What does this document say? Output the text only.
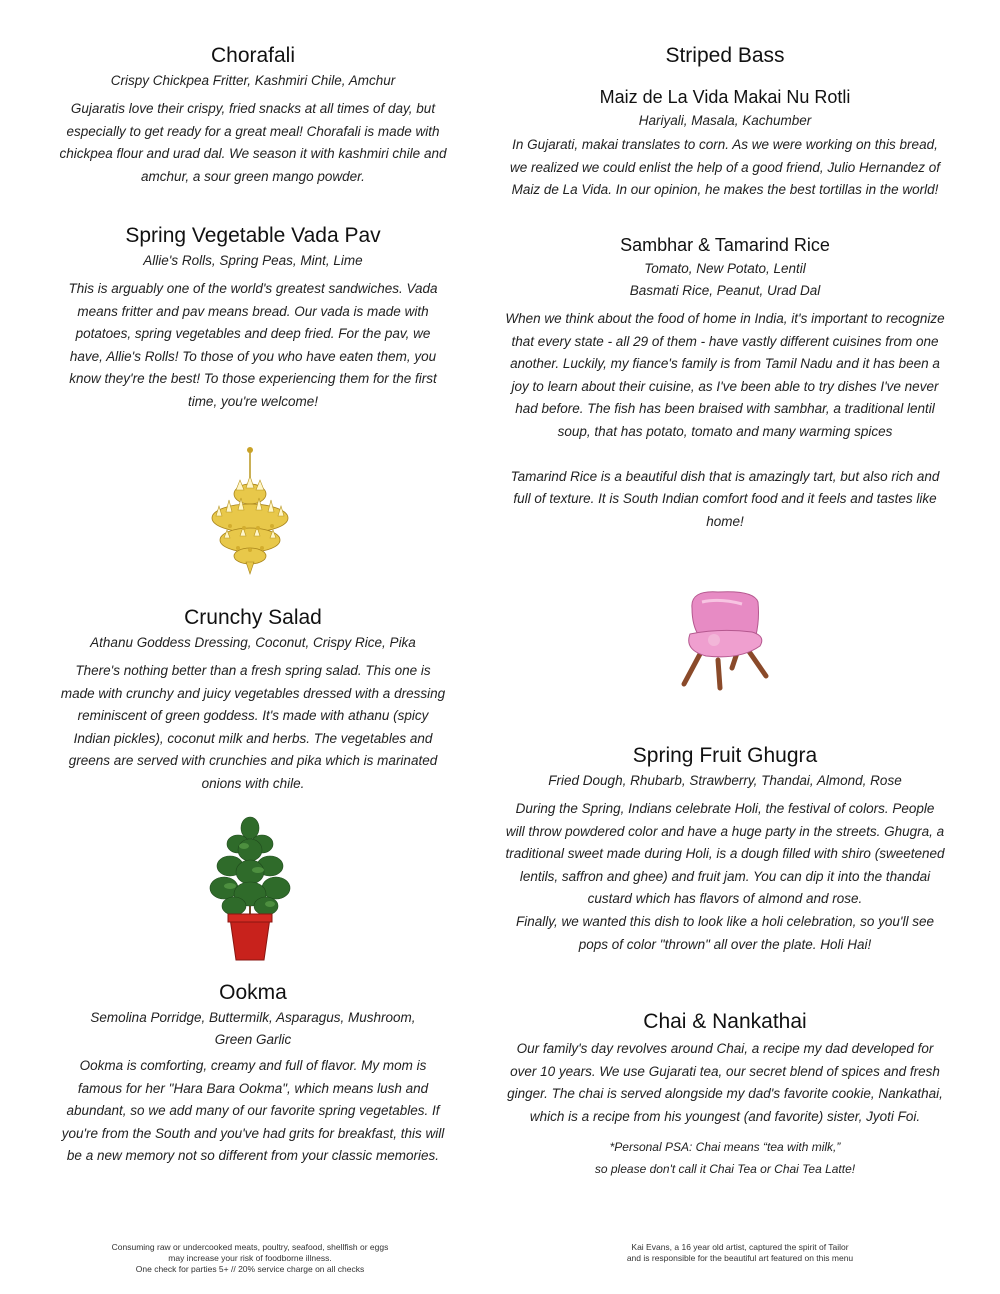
Chorafali

Crispy Chickpea Fritter, Kashmiri Chile, Amchur

Gujaratis love their crispy, fried snacks at all times of day, but especially to get ready for a great meal! Chorafali is made with chickpea flour and urad dal. We season it with kashmiri chile and amchur, a sour green mango powder.

Spring Vegetable Vada Pav

Allie's Rolls, Spring Peas, Mint, Lime

This is arguably one of the world's greatest sandwiches. Vada means fritter and pav means bread. Our vada is made with potatoes, spring vegetables and deep fried. For the pav, we have, Allie's Rolls! To those of you who have eaten them, you know they're the best! To those experiencing them for the first time, you're welcome!

Crunchy Salad

Athanu Goddess Dressing, Coconut, Crispy Rice, Pika

There's nothing better than a fresh spring salad. This one is made with crunchy and juicy vegetables dressed with a dressing reminiscent of green goddess. It's made with athanu (spicy Indian pickles), coconut milk and herbs. The vegetables and greens are served with crunchies and pika which is marinated onions with chile.

Ookma

Semolina Porridge, Buttermilk, Asparagus, Mushroom,

Green Garlic

Ookma is comforting, creamy and full of flavor. My mom is famous for her "Hara Bara Ookma", which means lush and abundant, so we add many of our favorite spring vegetables. If you're from the South and you've had grits for breakfast, this will be a new memory not so different from your classic memories.

Striped Bass
Maiz de La Vida Makai Nu Rotli

Hariyali, Masala, Kachumber

In Gujarati, makai translates to corn. As we were working on this bread, we realized we could enlist the help of a good friend, Julio Hernandez of Maiz de La Vida. In our opinion, he makes the best tortillas in the world!

Sambhar & Tamarind Rice

Tomato, New Potato, Lentil

Basmati Rice, Peanut, Urad Dal

When we think about the food of home in India, it's important to recognize that every state - all 29 of them - have vastly different cuisines from one another. Luckily, my fiance's family is from Tamil Nadu and it has been a joy to learn about their cuisine, as I've been able to try dishes I've never had before. The fish has been braised with sambhar, a traditional lentil soup, that has potato, tomato and many warming spices

Tamarind Rice is a beautiful dish that is amazingly tart, but also rich and full of texture. It is South Indian comfort food and it feels and tastes like home!

Spring Fruit Ghugra

Fried Dough, Rhubarb, Strawberry, Thandai, Almond, Rose

During the Spring, Indians celebrate Holi, the festival of colors. People will throw powdered color and have a huge party in the streets. Ghugra, a traditional sweet made during Holi, is a dough filled with shiro (sweetened lentils, saffron and ghee) and fruit jam. You can dip it into the thandai custard which has flavors of almond and rose.

Finally, we wanted this dish to look like a holi celebration, so you'll see pops of color "thrown" all over the plate. Holi Hai!

Chai & Nankathai

Our family's day revolves around Chai, a recipe my dad developed for over 10 years. We use Gujarati tea, our secret blend of spices and fresh ginger. The chai is served alongside my dad's favorite cookie, Nankathai, which is a recipe from his youngest (and favorite) sister, Jyoti Foi.

*Personal PSA: Chai means “tea with milk,”

so please don't call it Chai Tea or Chai Tea Latte!

Consuming raw or undercooked meats, poultry, seafood, shellfish or eggs
may increase your risk of foodborne illness.
One check for parties 5+ // 20% service charge on all checks
Kai Evans, a 16 year old artist, captured the spirit of Tailor
and is responsible for the beautiful art featured on this menu
